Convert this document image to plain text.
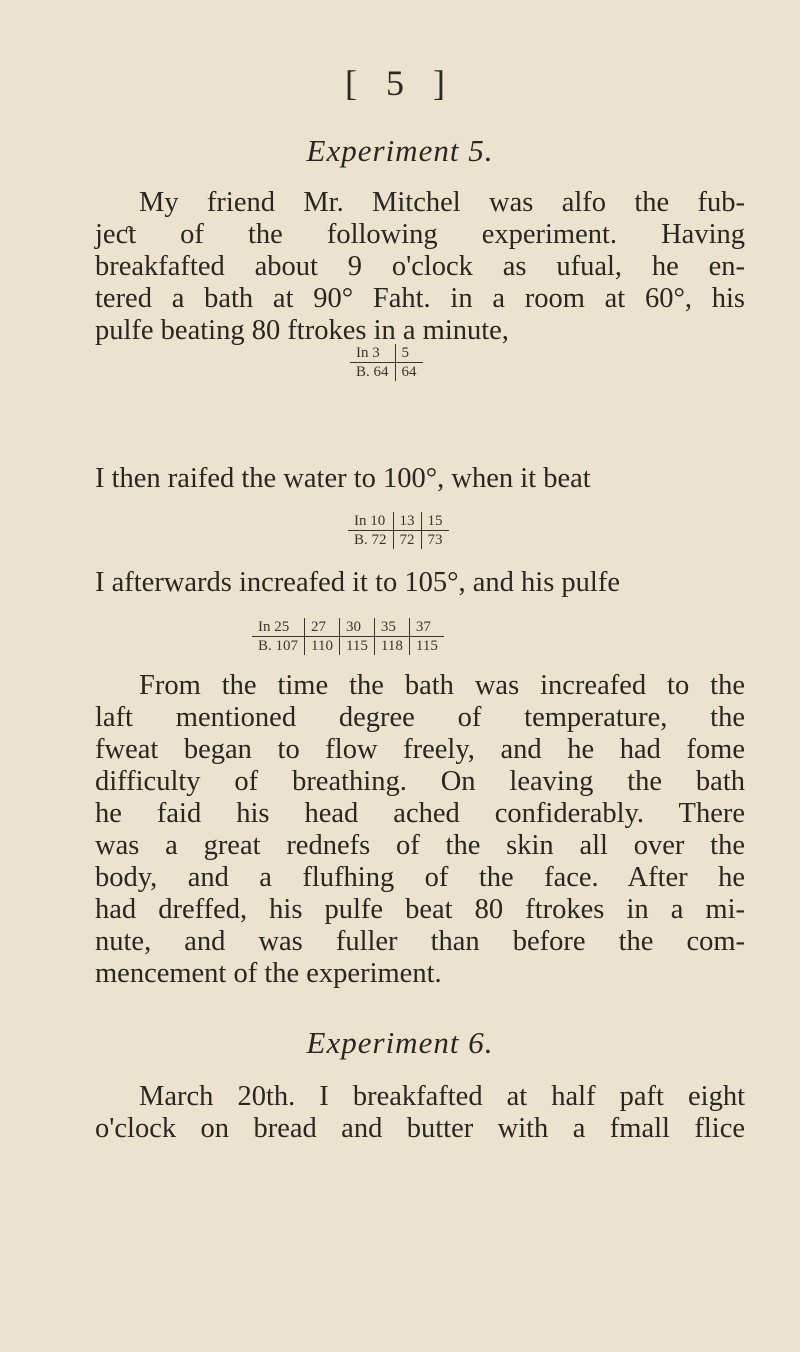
[ 5 ]
Experiment 5.
My friend Mr. Mitchel was alfo the fub-
jeƈt of the following experiment. Having
breakfafted about 9 o'clock as ufual, he en-
tered a bath at 90° Faht. in a room at 60°, his
pulfe beating 80 ftrokes in a minute,
In 3	5
B. 64	64
I then raifed the water to 100°, when it beat
In 10	13	15
B. 72	72	73
I afterwards increafed it to 105°, and his pulfe
In 25	27	30	35	37
B. 107	110	115	118	115
From the time the bath was increafed to the
laft mentioned degree of temperature, the
fweat began to flow freely, and he had fome
difficulty of breathing. On leaving the bath
he faid his head ached confiderably. There
was a great rednefs of the skin all over the
body, and a flufhing of the face. After he
had dreffed, his pulfe beat 80 ftrokes in a mi-
nute, and was fuller than before the com-
mencement of the experiment.
Experiment 6.
March 20th. I breakfafted at half paft eight
o'clock on bread and butter with a fmall flice
